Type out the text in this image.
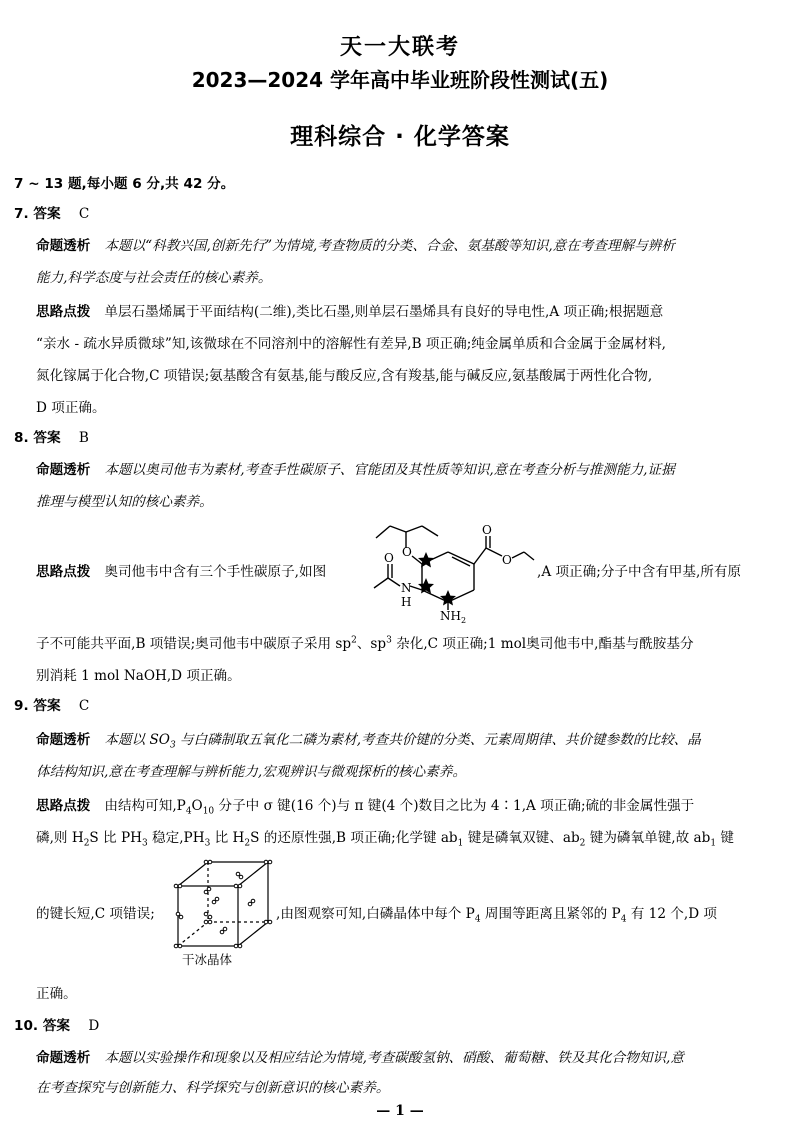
天一大联考
2023—2024 学年高中毕业班阶段性测试(五)
理科综合 · 化学答案
7 ~ 13 题,每小题 6 分,共 42 分。
7. 答案 C
命题透析 本题以“科教兴国,创新先行”为情境,考查物质的分类、合金、氨基酸等知识,意在考查理解与辨析
能力,科学态度与社会责任的核心素养。
思路点拨 单层石墨烯属于平面结构(二维),类比石墨,则单层石墨烯具有良好的导电性,A 项正确;根据题意
“亲水 - 疏水异质微球”知,该微球在不同溶剂中的溶解性有差异,B 项正确;纯金属单质和合金属于金属材料,
氮化镓属于化合物,C 项错误;氨基酸含有氨基,能与酸反应,含有羧基,能与碱反应,氨基酸属于两性化合物,
D 项正确。
8. 答案 B
命题透析 本题以奥司他韦为素材,考查手性碳原子、官能团及其性质等知识,意在考查分析与推测能力,证据
推理与模型认知的核心素养。
思路点拨 奥司他韦中含有三个手性碳原子,如图
O
O
O
O
N
H
$NH_2$
,A 项正确;分子中含有甲基,所有原
子不可能共平面,B 项错误;奥司他韦中碳原子采用 $sp^2$、$sp^3$ 杂化,C 项正确;1 mol奥司他韦中,酯基与酰胺基分
别消耗 1 mol NaOH,D 项正确。
9. 答案 C
命题透析 本题以 $SO_3$ 与白磷制取五氧化二磷为素材,考查共价键的分类、元素周期律、共价键参数的比较、晶
体结构知识,意在考查理解与辨析能力,宏观辨识与微观探析的核心素养。
思路点拨 由结构可知$,P_4O_{10}$ 分子中 σ 键(16 个)与 π 键(4 个)数目之比为 4∶1,A 项正确;硫的非金属性强于
磷,则 $H_2S$ 比 $PH_3$ 稳定$,PH_3$ 比 $H_2S$ 的还原性强,B 项正确;化学键 $ab_1$ 键是磷氧双键、$ab_2$ 键为磷氧单键,故 $ab_1$ 键
的键长短,C 项错误;
干冰晶体
,由图观察可知,白磷晶体中每个 $P_4$ 周围等距离且紧邻的 $P_4$ 有 12 个,D 项
正确。
10. 答案 D
命题透析 本题以实验操作和现象以及相应结论为情境,考查碳酸氢钠、硝酸、葡萄糖、铁及其化合物知识,意
在考查探究与创新能力、科学探究与创新意识的核心素养。
— 1 —
